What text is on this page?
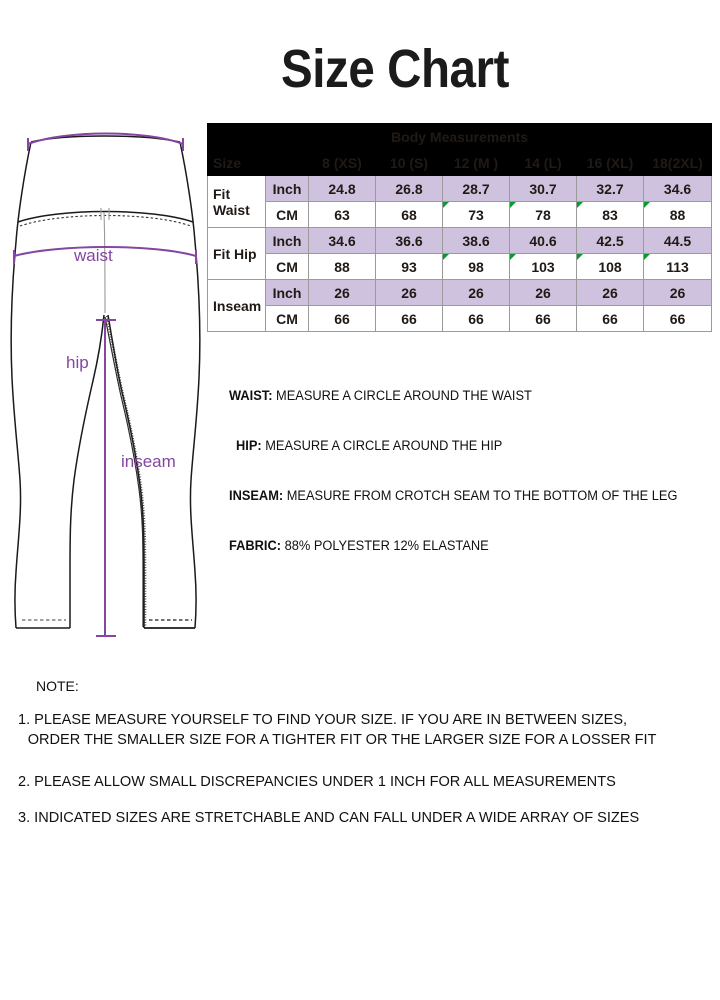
Size Chart
waist
hip
inseam
Body Measurements							
Size		8 (XS)	10 (S)	12 (M )	14 (L)	16 (XL)	18(2XL)
Fit Waist	Inch	24.8	26.8	28.7	30.7	32.7	34.6
	CM	63	68	73	78	83	88
Fit Hip	Inch	34.6	36.6	38.6	40.6	42.5	44.5
	CM	88	93	98	103	108	113
Inseam	Inch	26	26	26	26	26	26
	CM	66	66	66	66	66	66
WAIST: MEASURE A CIRCLE AROUND THE WAIST
HIP: MEASURE A CIRCLE AROUND THE HIP
INSEAM: MEASURE FROM CROTCH SEAM TO THE BOTTOM OF THE LEG
FABRIC: 88% POLYESTER 12% ELASTANE
NOTE:
1. PLEASE MEASURE YOURSELF TO FIND YOUR SIZE. IF YOU ARE IN BETWEEN SIZES,
ORDER THE SMALLER SIZE FOR A TIGHTER FIT OR THE LARGER SIZE FOR A LOSSER FIT
2. PLEASE ALLOW SMALL DISCREPANCIES UNDER 1 INCH FOR ALL MEASUREMENTS
3. INDICATED SIZES ARE STRETCHABLE AND CAN FALL UNDER A WIDE ARRAY OF SIZES
